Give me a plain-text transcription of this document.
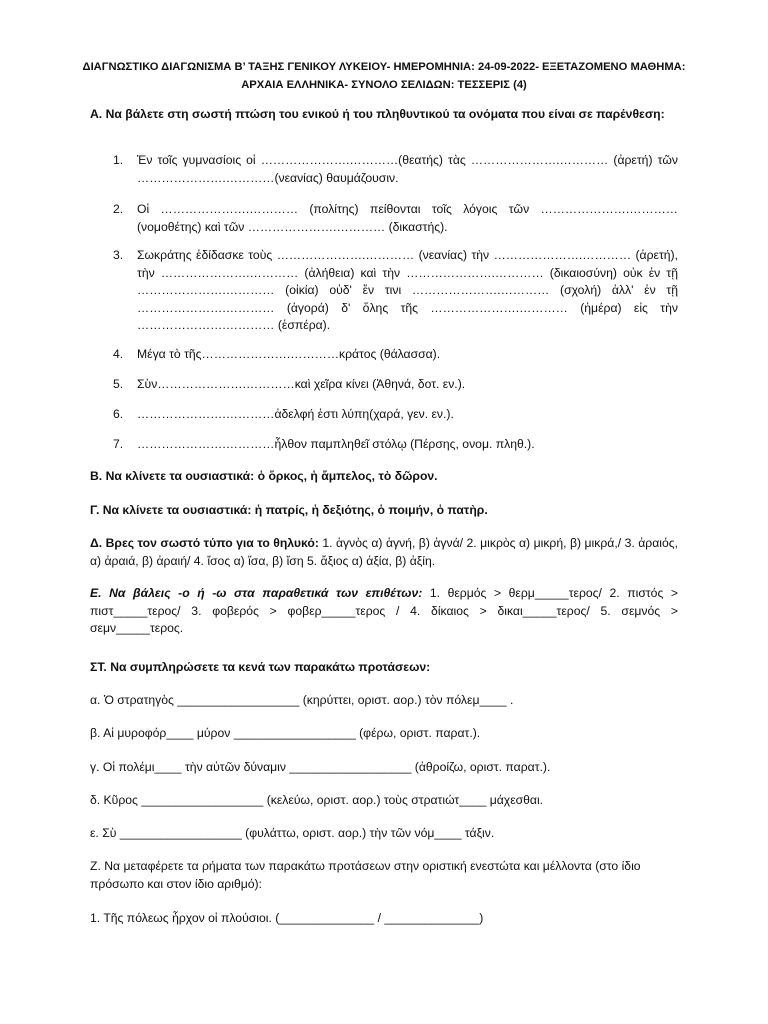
ΔΙΑΓΝΩΣΤΙΚΟ ΔΙΑΓΩΝΙΣΜΑ Β’ ΤΑΞΗΣ ΓΕΝΙΚΟΥ ΛΥΚΕΙΟΥ- ΗΜΕΡΟΜΗΝΙΑ: 24-09-2022- ΕΞΕΤΑΖΟΜΕΝΟ ΜΑΘΗΜΑ:
ΑΡΧΑΙΑ ΕΛΛΗΝΙΚΑ- ΣΥΝΟΛΟ ΣΕΛΙΔΩΝ: ΤΕΣΣΕΡΙΣ (4)
Α. Να βάλετε στη σωστή πτώση του ενικού ή του πληθυντικού τα ονόματα που είναι σε παρένθεση:
1. Ἐν τοῖς γυμνασίοις οἱ ………………….…………(θεατής) τὰς ………………….………… (ἀρετή) τῶν ………………….…………(νεανίας) θαυμάζουσιν.
2. Οἱ ………………….………… (πολίτης) πείθονται τοῖς λόγοις τῶν ………………….………… (νομοθέτης) καὶ τῶν ………………….………… (δικαστής).
3. Σωκράτης ἐδίδασκε τοὺς ………………….………… (νεανίας) τὴν ………………….………… (ἀρετή), τὴν ………………….………… (ἀλήθεια) καὶ τὴν ………………….………… (δικαιοσύνη) οὐκ ἐν τῇ ………………….………… (οἰκία) οὐδ' ἔν τινι ………………….………… (σχολή) ἀλλ' ἐν τῇ ………………….………… (ἀγορά) δ' ὅλης τῆς ………………….………… (ἡμέρα) εἰς τὴν ………………….………… (ἑσπέρα).
4. Μέγα τὸ τῆς………………….…………κράτος (θάλασσα).
5. Σὺν………………….…………καὶ χεῖρα κίνει (Ἀθηνά, δοτ. εν.).
6. ………………….…………ἀδελφή ἐστι λύπη(χαρά, γεν. εν.).
7. ………………….…………ἦλθον παμπληθεῖ στόλῳ (Πέρσης, ονομ. πληθ.).
Β. Να κλίνετε τα ουσιαστικά: ὁ ὅρκος, ἡ ἄμπελος, τὸ δῶρον.
Γ. Να κλίνετε τα ουσιαστικά: ἡ πατρίς, ἡ δεξιότης, ὁ ποιμήν, ὁ πατὴρ.
Δ. Βρες τον σωστό τύπο για το θηλυκό: 1. ἁγνὸς α) ἁγνή, β) ἁγνά/ 2. μικρὸς α) μικρή, β) μικρά,/ 3. ἀραιός, α) ἀραιά, β) ἀραιή/ 4. ἴσος α) ἴσα, β) ἴση 5. ἄξιος α) ἀξία, β) ἀξίη.
Ε. Να βάλεις -ο ή -ω στα παραθετικά των επιθέτων: 1. θερμός > θερμ_____τερος/ 2. πιστός > πιστ_____τερος/ 3. φοβερός > φοβερ_____τερος / 4. δίκαιος > δικαι_____τερος/ 5. σεμνός > σεμν_____τερος.
ΣΤ. Να συμπληρώσετε τα κενά των παρακάτω προτάσεων:
α. Ὁ στρατηγὸς __________________ (κηρύττει, οριστ. αορ.) τὸν πόλεμ____ .
β. Αἱ μυροφόρ____ μύρον __________________ (φέρω, οριστ. παρατ.).
γ. Οἱ πολέμι____ τὴν αὐτῶν δύναμιν __________________ (ἀθροίζω, οριστ. παρατ.).
δ. Κῦρος __________________ (κελεύω, οριστ. αορ.) τοὺς στρατιώτ____ μάχεσθαι.
ε. Σὺ __________________ (φυλάττω, οριστ. αορ.) τὴν τῶν νόμ____ τάξιν.
Ζ. Να μεταφέρετε τα ρήματα των παρακάτω προτάσεων στην οριστική ενεστώτα και μέλλοντα (στο ίδιο πρόσωπο και στον ίδιο αριθμό):
1. Τῆς πόλεως ἦρχον οἱ πλούσιοι. (______________ / ______________)
